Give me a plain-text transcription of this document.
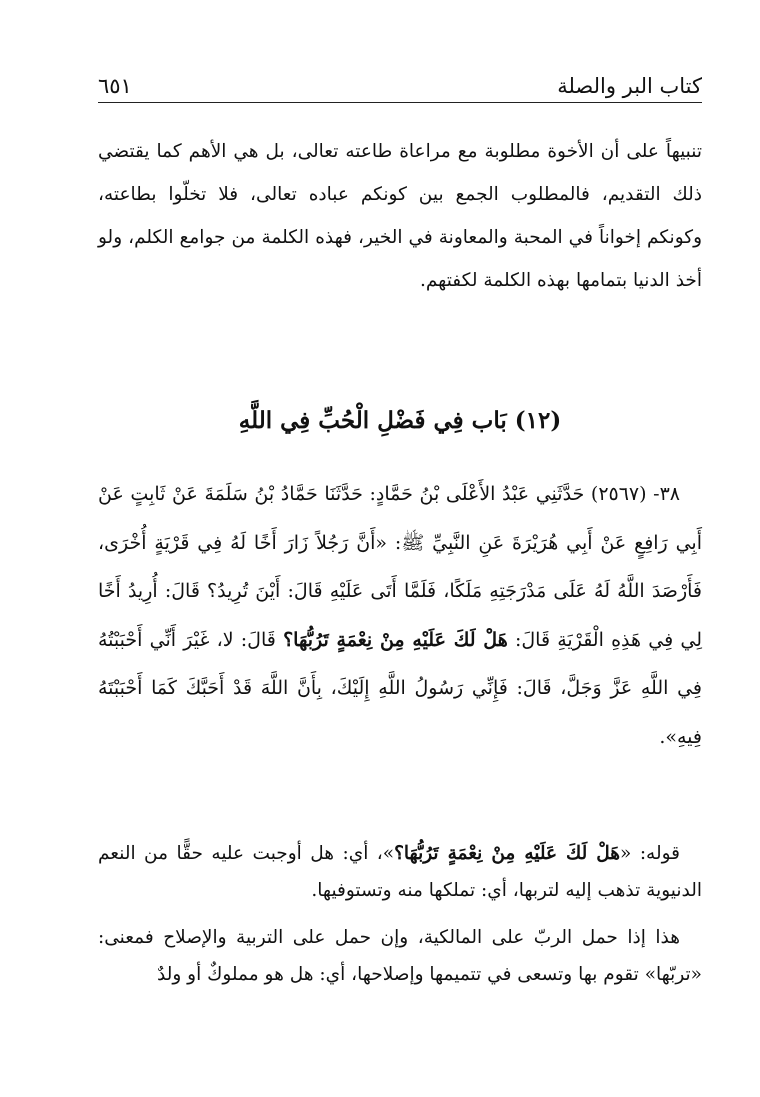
كتاب البر والصلة
٦٥١

تنبيهاً على أن الأخوة مطلوبة مع مراعاة طاعته تعالى، بل هي الأهم كما يقتضي ذلك التقديم، فالمطلوب الجمع بين كونكم عباده تعالى، فلا تخلّوا بطاعته، وكونكم إخواناً في المحبة والمعاونة في الخير، فهذه الكلمة من جوامع الكلم، ولو أخذ الدنيا بتمامها بهذه الكلمة لكفتهم.

(١٢) بَاب فِي فَضْلِ الْحُبِّ فِي اللَّهِ

٣٨- (٢٥٦٧) حَدَّثَنِي عَبْدُ الأَعْلَى بْنُ حَمَّادٍ: حَدَّثَنَا حَمَّادُ بْنُ سَلَمَةَ عَنْ ثَابِتٍ عَنْ أَبِي رَافِعٍ عَنْ أَبِي هُرَيْرَةَ عَنِ النَّبِيِّ ﷺ: «أَنَّ رَجُلاً زَارَ أَخًا لَهُ فِي قَرْيَةٍ أُخْرَى، فَأَرْصَدَ اللَّهُ لَهُ عَلَى مَدْرَجَتِهِ مَلَكًا، فَلَمَّا أَتَى عَلَيْهِ قَالَ: أَيْنَ تُرِيدُ؟ قَالَ: أُرِيدُ أَخًا لِي فِي هَذِهِ الْقَرْيَةِ قَالَ: هَلْ لَكَ عَلَيْهِ مِنْ نِعْمَةٍ تَرُبُّهَا؟ قَالَ: لا، غَيْرَ أَنِّي أَحْبَبْتُهُ فِي اللَّهِ عَزَّ وَجَلَّ، قَالَ: فَإِنِّي رَسُولُ اللَّهِ إِلَيْكَ، بِأَنَّ اللَّهَ قَدْ أَحَبَّكَ كَمَا أَحْبَبْتَهُ فِيهِ».

قوله: «هَلْ لَكَ عَلَيْهِ مِنْ نِعْمَةٍ تَرُبُّهَا؟»، أي: هل أوجبت عليه حقًّا من النعم الدنيوية تذهب إليه لتربها، أي: تملكها منه وتستوفيها.

هذا إذا حمل الربّ على المالكية، وإن حمل على التربية والإصلاح فمعنى: «تربّها» تقوم بها وتسعى في تتميمها وإصلاحها، أي: هل هو مملوكٌ أو ولدٌ
